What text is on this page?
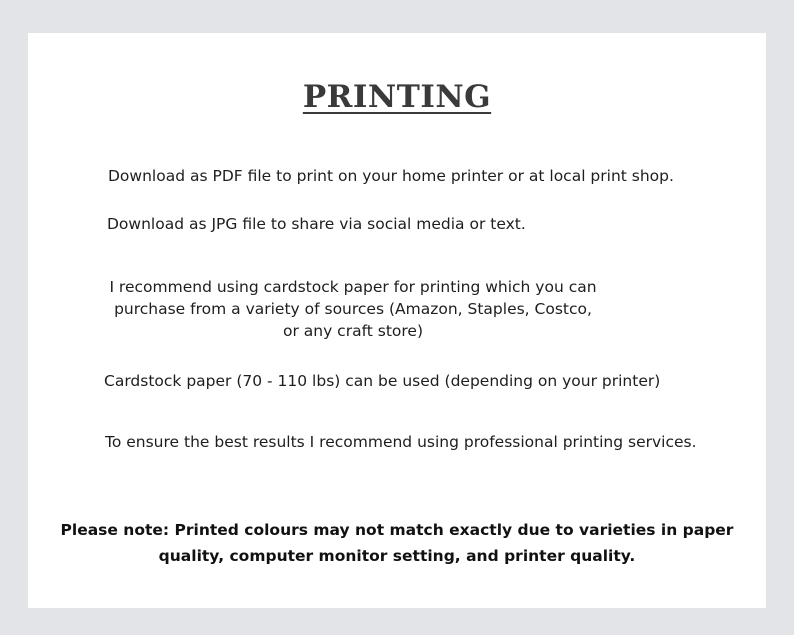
PRINTING
Download as PDF file to print on your home printer or at local print shop.
Download as JPG file to share via social media or text.
I recommend using cardstock paper for printing which you can
purchase from a variety of sources (Amazon, Staples, Costco,
or any craft store)
Cardstock paper (70 - 110 lbs) can be used (depending on your printer)
To ensure the best results I recommend using professional printing services.
Please note: Printed colours may not match exactly due to varieties in paper quality, computer monitor setting, and printer quality.
